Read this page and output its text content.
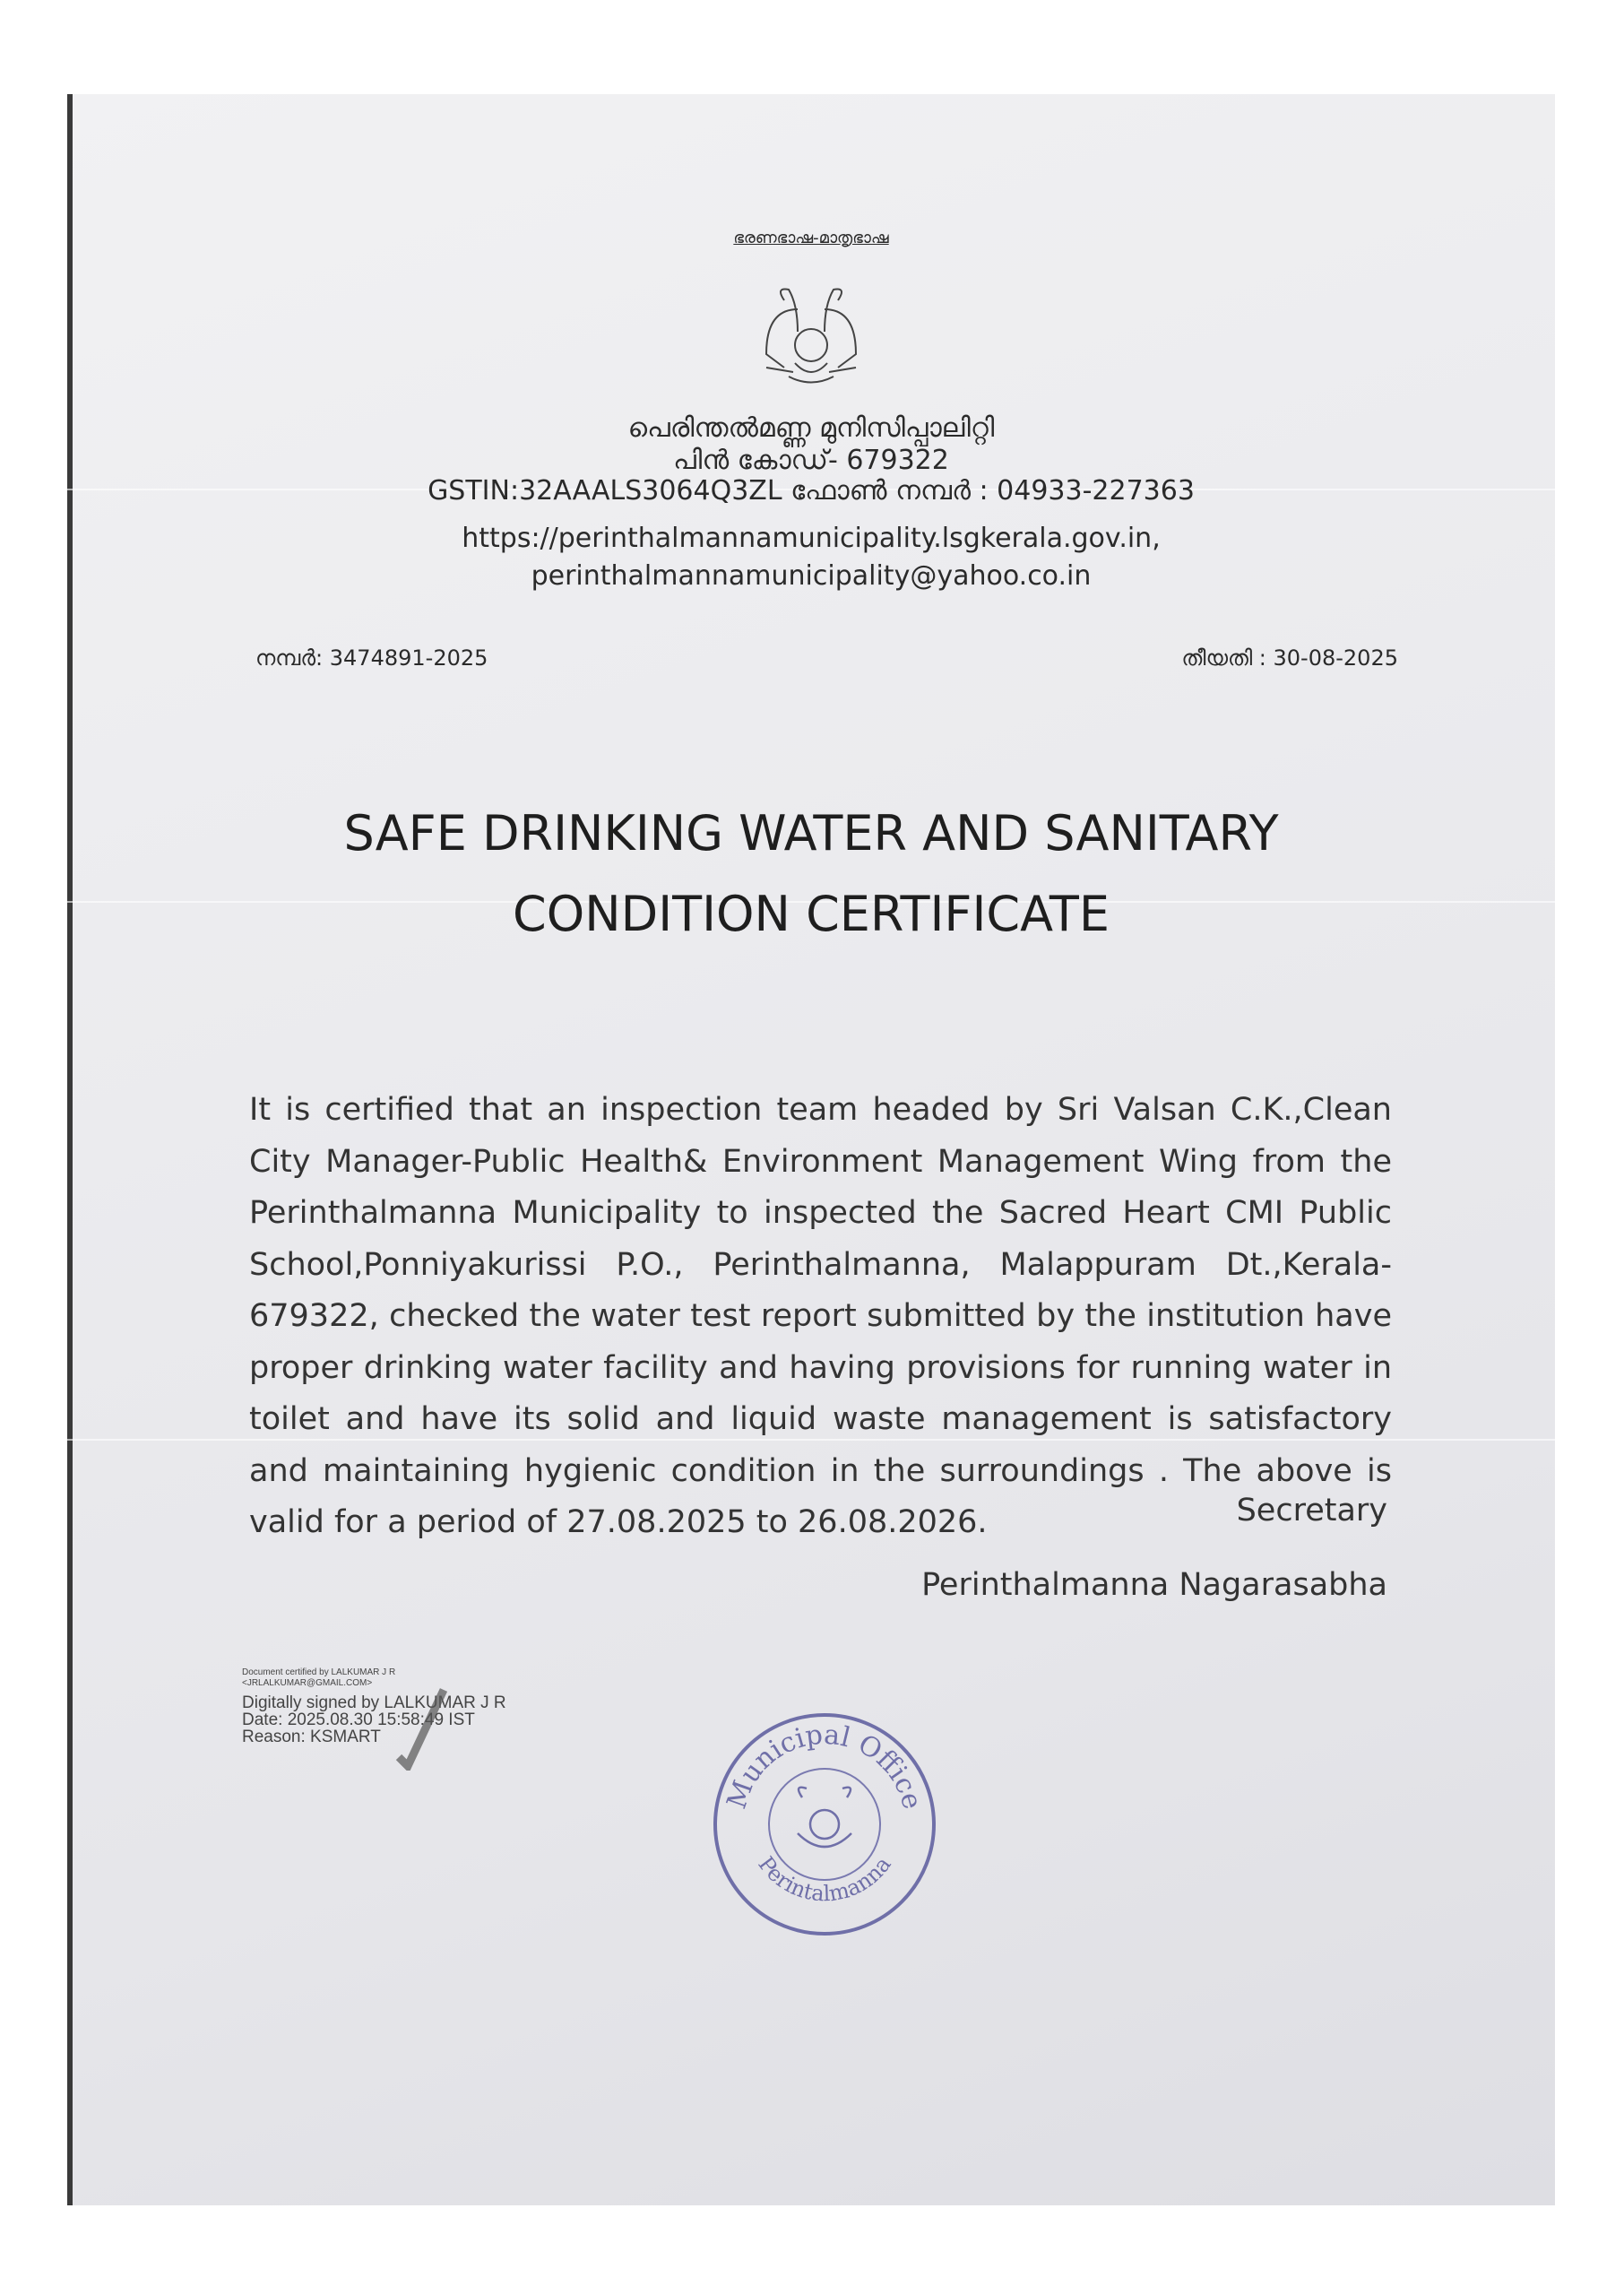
ഭരണഭാഷ-മാതൃഭാഷ
പെരിന്തൽമണ്ണ മുനിസിപ്പാലിറ്റി
പിൻ കോഡ്- 679322
GSTIN:32AAALS3064Q3ZL ഫോൺ നമ്പർ : 04933-227363
https://perinthalmannamunicipality.lsgkerala.gov.in,
perinthalmannamunicipality@yahoo.co.in
നമ്പർ: 3474891-2025	തീയതി : 30-08-2025
SAFE DRINKING WATER AND SANITARY
CONDITION CERTIFICATE
It is certified that an inspection team headed by Sri Valsan C.K.,Clean City Manager-Public Health& Environment Management Wing from the Perinthalmanna Municipality to inspected the Sacred Heart CMI Public School,Ponniyakurissi P.O., Perinthalmanna, Malappuram Dt.,Kerala-679322, checked the water test report submitted by the institution have proper drinking water facility and having provisions for running water in toilet and have its solid and liquid waste management is satisfactory and maintaining hygienic condition in the surroundings . The above is valid for a period of 27.08.2025 to 26.08.2026.	Secretary
Perinthalmanna Nagarasabha
Document certified by LALKUMAR J R
<JRLALKUMAR@GMAIL.COM>
Digitally signed by LALKUMAR J R
Date: 2025.08.30 15:58:49 IST
Reason: KSMART
Municipal Office
Perintalmanna
